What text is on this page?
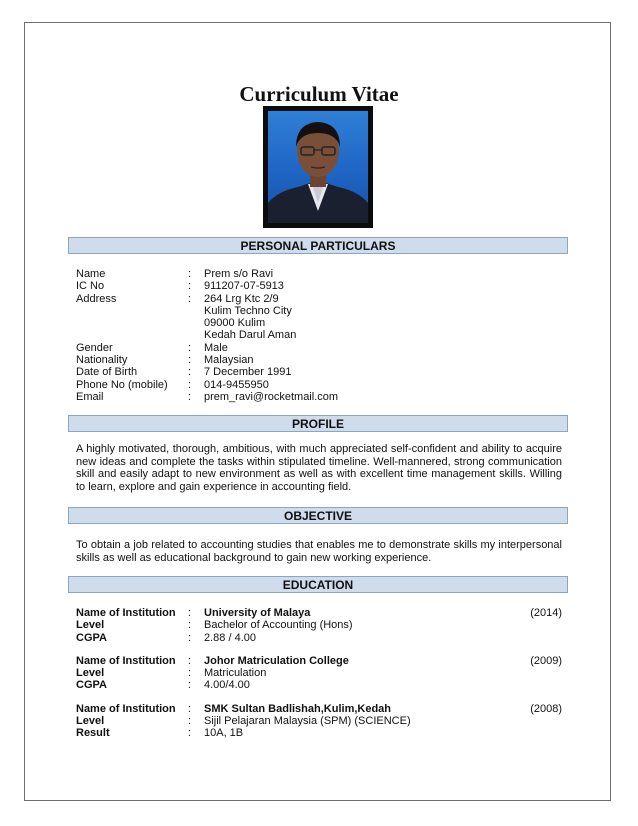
Curriculum Vitae
PERSONAL PARTICULARS
Name	:	Prem s/o Ravi
IC No	:	911207-07-5913
Address	:	264 Lrg Ktc 2/9
Kulim Techno City
09000 Kulim
Kedah Darul Aman
Gender	:	Male
Nationality	:	Malaysian
Date of Birth	:	7 December 1991
Phone No (mobile)	:	014-9455950
Email	:	prem_ravi@rocketmail.com
PROFILE
A highly motivated, thorough, ambitious, with much appreciated self-confident and ability to acquire new ideas and complete the tasks within stipulated timeline. Well-mannered, strong communication skill and easily adapt to new environment as well as with excellent time management skills. Willing to learn, explore and gain experience in accounting field.
OBJECTIVE
To obtain a job related to accounting studies that enables me to demonstrate skills my interpersonal skills as well as educational background to gain new working experience.
EDUCATION
Name of Institution	:	University of Malaya	(2014)
Level	:	Bachelor of Accounting (Hons)
CGPA	:	2.88 / 4.00
Name of Institution	:	Johor Matriculation College	(2009)
Level	:	Matriculation
CGPA	:	4.00/4.00
Name of Institution	:	SMK Sultan Badlishah,Kulim,Kedah	(2008)
Level	:	Sijil Pelajaran Malaysia (SPM) (SCIENCE)
Result	:	10A, 1B
